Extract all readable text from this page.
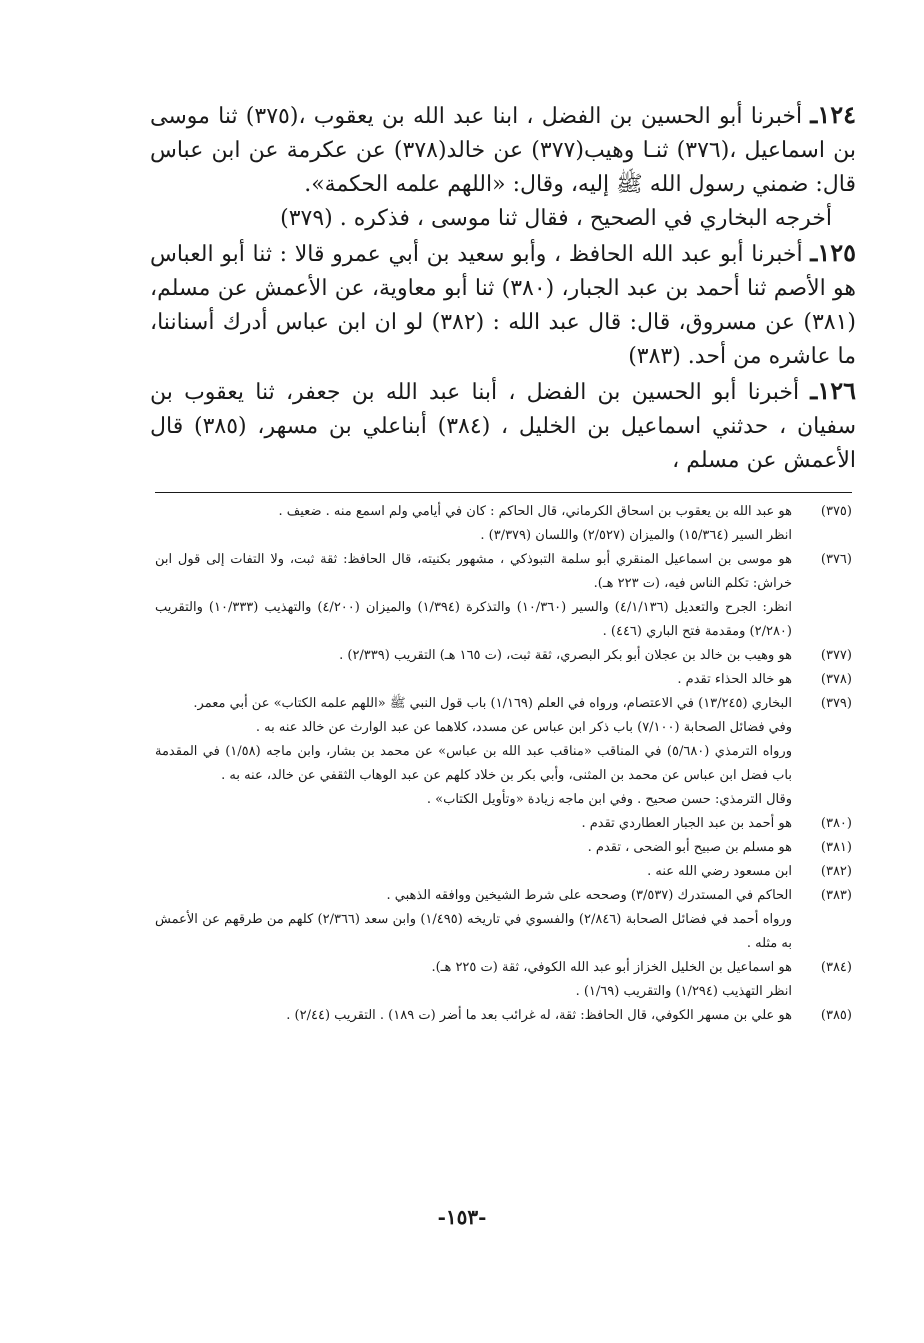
١٢٤ـ أخبرنا أبو الحسين بن الفضل ، ابنا عبد الله بن يعقوب ،(٣٧٥) ثنا موسى بن اسماعيل ،(٣٧٦) ثنـا وهيب(٣٧٧) عن خالد(٣٧٨) عن عكرمة عن ابن عباس قال: ضمني رسول الله ﷺ إليه، وقال: «اللهم علمه الحكمة».

أخرجه البخاري في الصحيح ، فقال ثنا موسى ، فذكره . (٣٧٩)

١٢٥ـ أخبرنا أبو عبد الله الحافظ ، وأبو سعيد بن أبي عمرو قالا : ثنا أبو العباس هو الأصم ثنا أحمد بن عبد الجبار، (٣٨٠) ثنا أبو معاوية، عن الأعمش عن مسلم، (٣٨١) عن مسروق، قال: قال عبد الله : (٣٨٢) لو ان ابن عباس أدرك أسناننا، ما عاشره من أحد. (٣٨٣)

١٢٦ـ أخبرنا أبو الحسين بن الفضل ، أبنا عبد الله بن جعفر، ثنا يعقوب بن سفيان ، حدثني اسماعيل بن الخليل ، (٣٨٤) أبناعلي بن مسهر، (٣٨٥) قال الأعمش عن مسلم ،

(٣٧٥)
هو عبد الله بن يعقوب بن اسحاق الكرماني، قال الحاكم : كان في أيامي ولم اسمع منه . ضعيف .
انظر السير (١٥/٣٦٤) والميزان (٢/٥٢٧) واللسان (٣/٣٧٩) .
(٣٧٦)
هو موسى بن اسماعيل المنقري أبو سلمة التبوذكي ، مشهور بكنيته، قال الحافظ: ثقة ثبت، ولا التفات إلى قول ابن خراش: تكلم الناس فيه، (ت ٢٢٣ هـ).
انظر: الجرح والتعديل (٤/١/١٣٦) والسير (١٠/٣٦٠) والتذكرة (١/٣٩٤) والميزان (٤/٢٠٠) والتهذيب (١٠/٣٣٣) والتقريب (٢/٢٨٠) ومقدمة فتح الباري (٤٤٦) .
(٣٧٧)
هو وهيب بن خالد بن عجلان أبو بكر البصري، ثقة ثبت، (ت ١٦٥ هـ) التقريب (٢/٣٣٩) .
(٣٧٨)
هو خالد الحذاء تقدم .
(٣٧٩)
البخاري (١٣/٢٤٥) في الاعتصام، ورواه في العلم (١/١٦٩) باب قول النبي ﷺ «اللهم علمه الكتاب» عن أبي معمر.
وفي فضائل الصحابة (٧/١٠٠) باب ذكر ابن عباس عن مسدد، كلاهما عن عبد الوارث عن خالد عنه به .
ورواه الترمذي (٥/٦٨٠) في المناقب «مناقب عبد الله بن عباس» عن محمد بن بشار، وابن ماجه (١/٥٨) في المقدمة باب فضل ابن عباس عن محمد بن المثنى، وأبي بكر بن خلاد كلهم عن عبد الوهاب الثقفي عن خالد، عنه به .
وقال الترمذي: حسن صحيح . وفي ابن ماجه زيادة «وتأويل الكتاب» .
(٣٨٠)
هو أحمد بن عبد الجبار العطاردي تقدم .
(٣٨١)
هو مسلم بن صبيح أبو الضحى ، تقدم .
(٣٨٢)
ابن مسعود رضي الله عنه .
(٣٨٣)
الحاكم في المستدرك (٣/٥٣٧) وصححه على شرط الشيخين ووافقه الذهبي .
ورواه أحمد في فضائل الصحابة (٢/٨٤٦) والفسوي في تاريخه (١/٤٩٥) وابن سعد (٢/٣٦٦) كلهم من طرقهم عن الأعمش به مثله .
(٣٨٤)
هو اسماعيل بن الخليل الخزاز أبو عبد الله الكوفي، ثقة (ت ٢٢٥ هـ).
انظر التهذيب (١/٢٩٤) والتقريب (١/٦٩) .
(٣٨٥)
هو علي بن مسهر الكوفي، قال الحافظ: ثقة، له غرائب بعد ما أضر (ت ١٨٩) . التقريب (٢/٤٤) .
-١٥٣-
